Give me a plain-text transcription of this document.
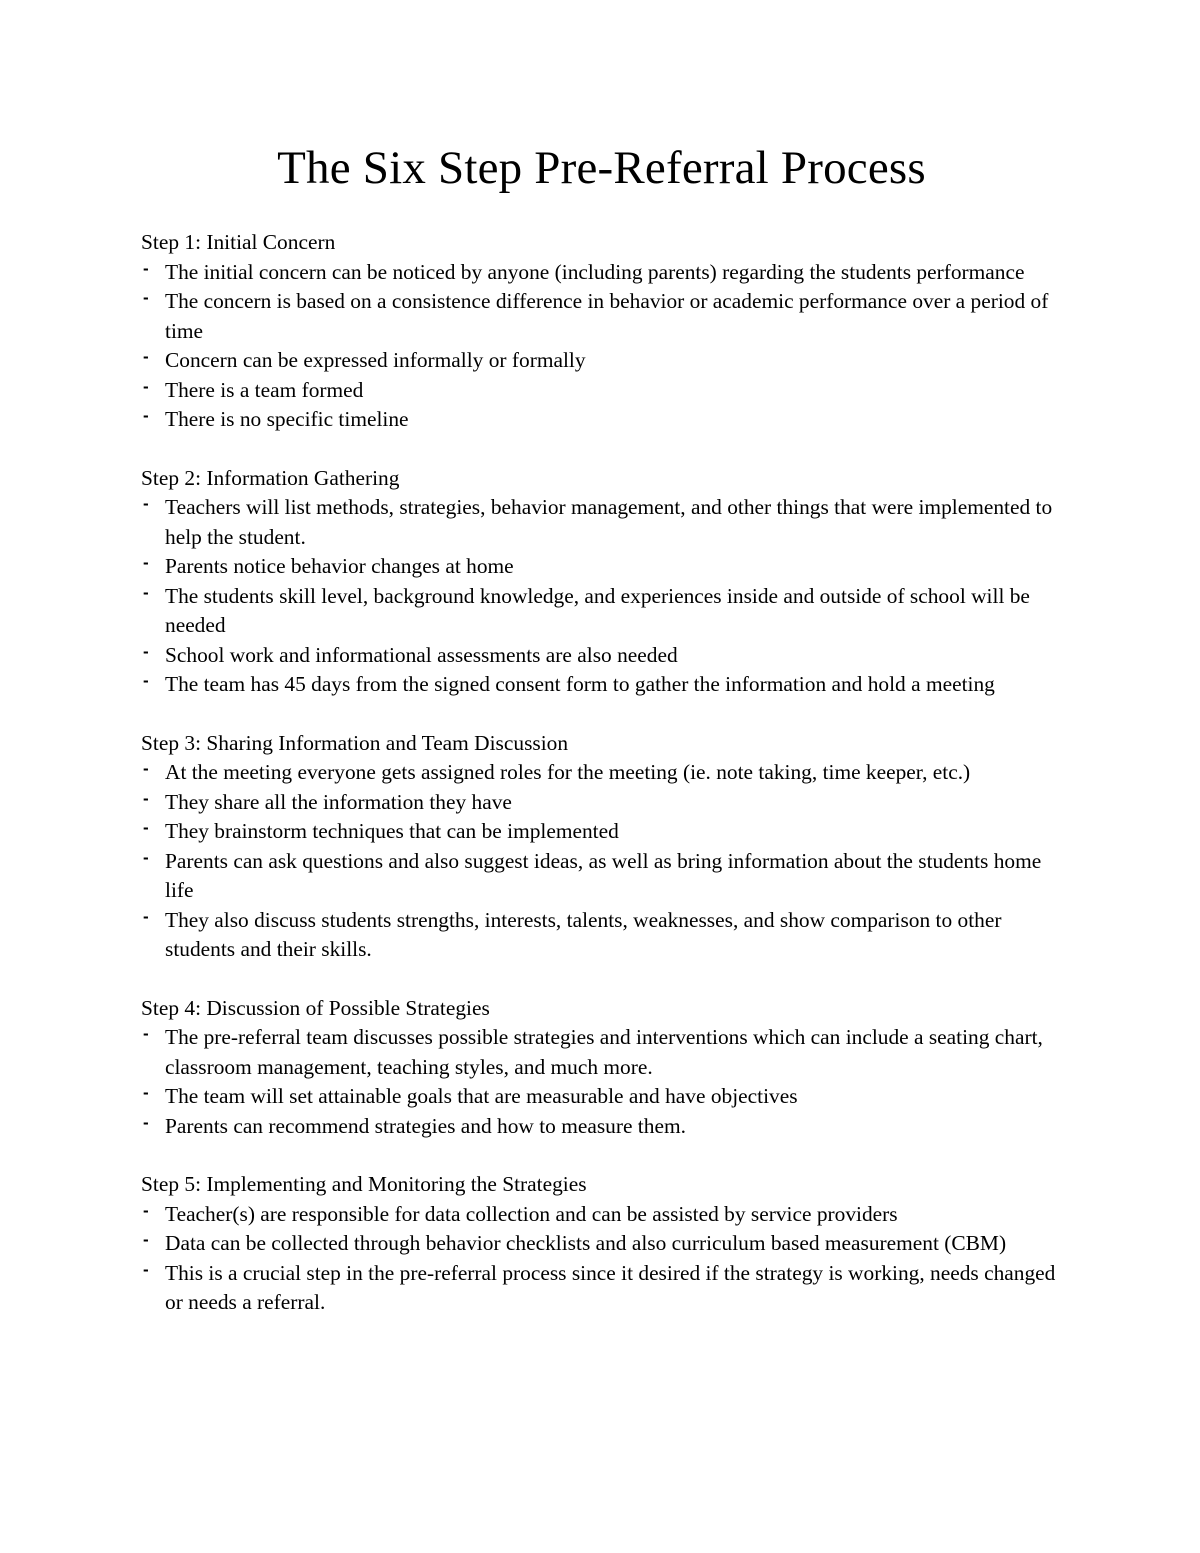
The Six Step Pre-Referral Process
Step 1: Initial Concern
- The initial concern can be noticed by anyone (including parents) regarding the students performance
- The concern is based on a consistence difference in behavior or academic performance over a period of time
- Concern can be expressed informally or formally
- There is a team formed
- There is no specific timeline
Step 2: Information Gathering
- Teachers will list methods, strategies, behavior management, and other things that were implemented to help the student.
- Parents notice behavior changes at home
- The students skill level, background knowledge, and experiences inside and outside of school will be needed
- School work and informational assessments are also needed
- The team has 45 days from the signed consent form to gather the information and hold a meeting
Step 3: Sharing Information and Team Discussion
- At the meeting everyone gets assigned roles for the meeting (ie. note taking, time keeper, etc.)
- They share all the information they have
- They brainstorm techniques that can be implemented
- Parents can ask questions and also suggest ideas, as well as bring information about the students home life
- They also discuss students strengths, interests, talents, weaknesses, and show comparison to other students and their skills.
Step 4: Discussion of Possible Strategies
- The pre-referral team discusses possible strategies and interventions which can include a seating chart, classroom management, teaching styles, and much more.
- The team will set attainable goals that are measurable and have objectives
- Parents can recommend strategies and how to measure them.
Step 5: Implementing and Monitoring the Strategies
- Teacher(s) are responsible for data collection and can be assisted by service providers
- Data can be collected through behavior checklists and also curriculum based measurement (CBM)
- This is a crucial step in the pre-referral process since it desired if the strategy is working, needs changed or needs a referral.
